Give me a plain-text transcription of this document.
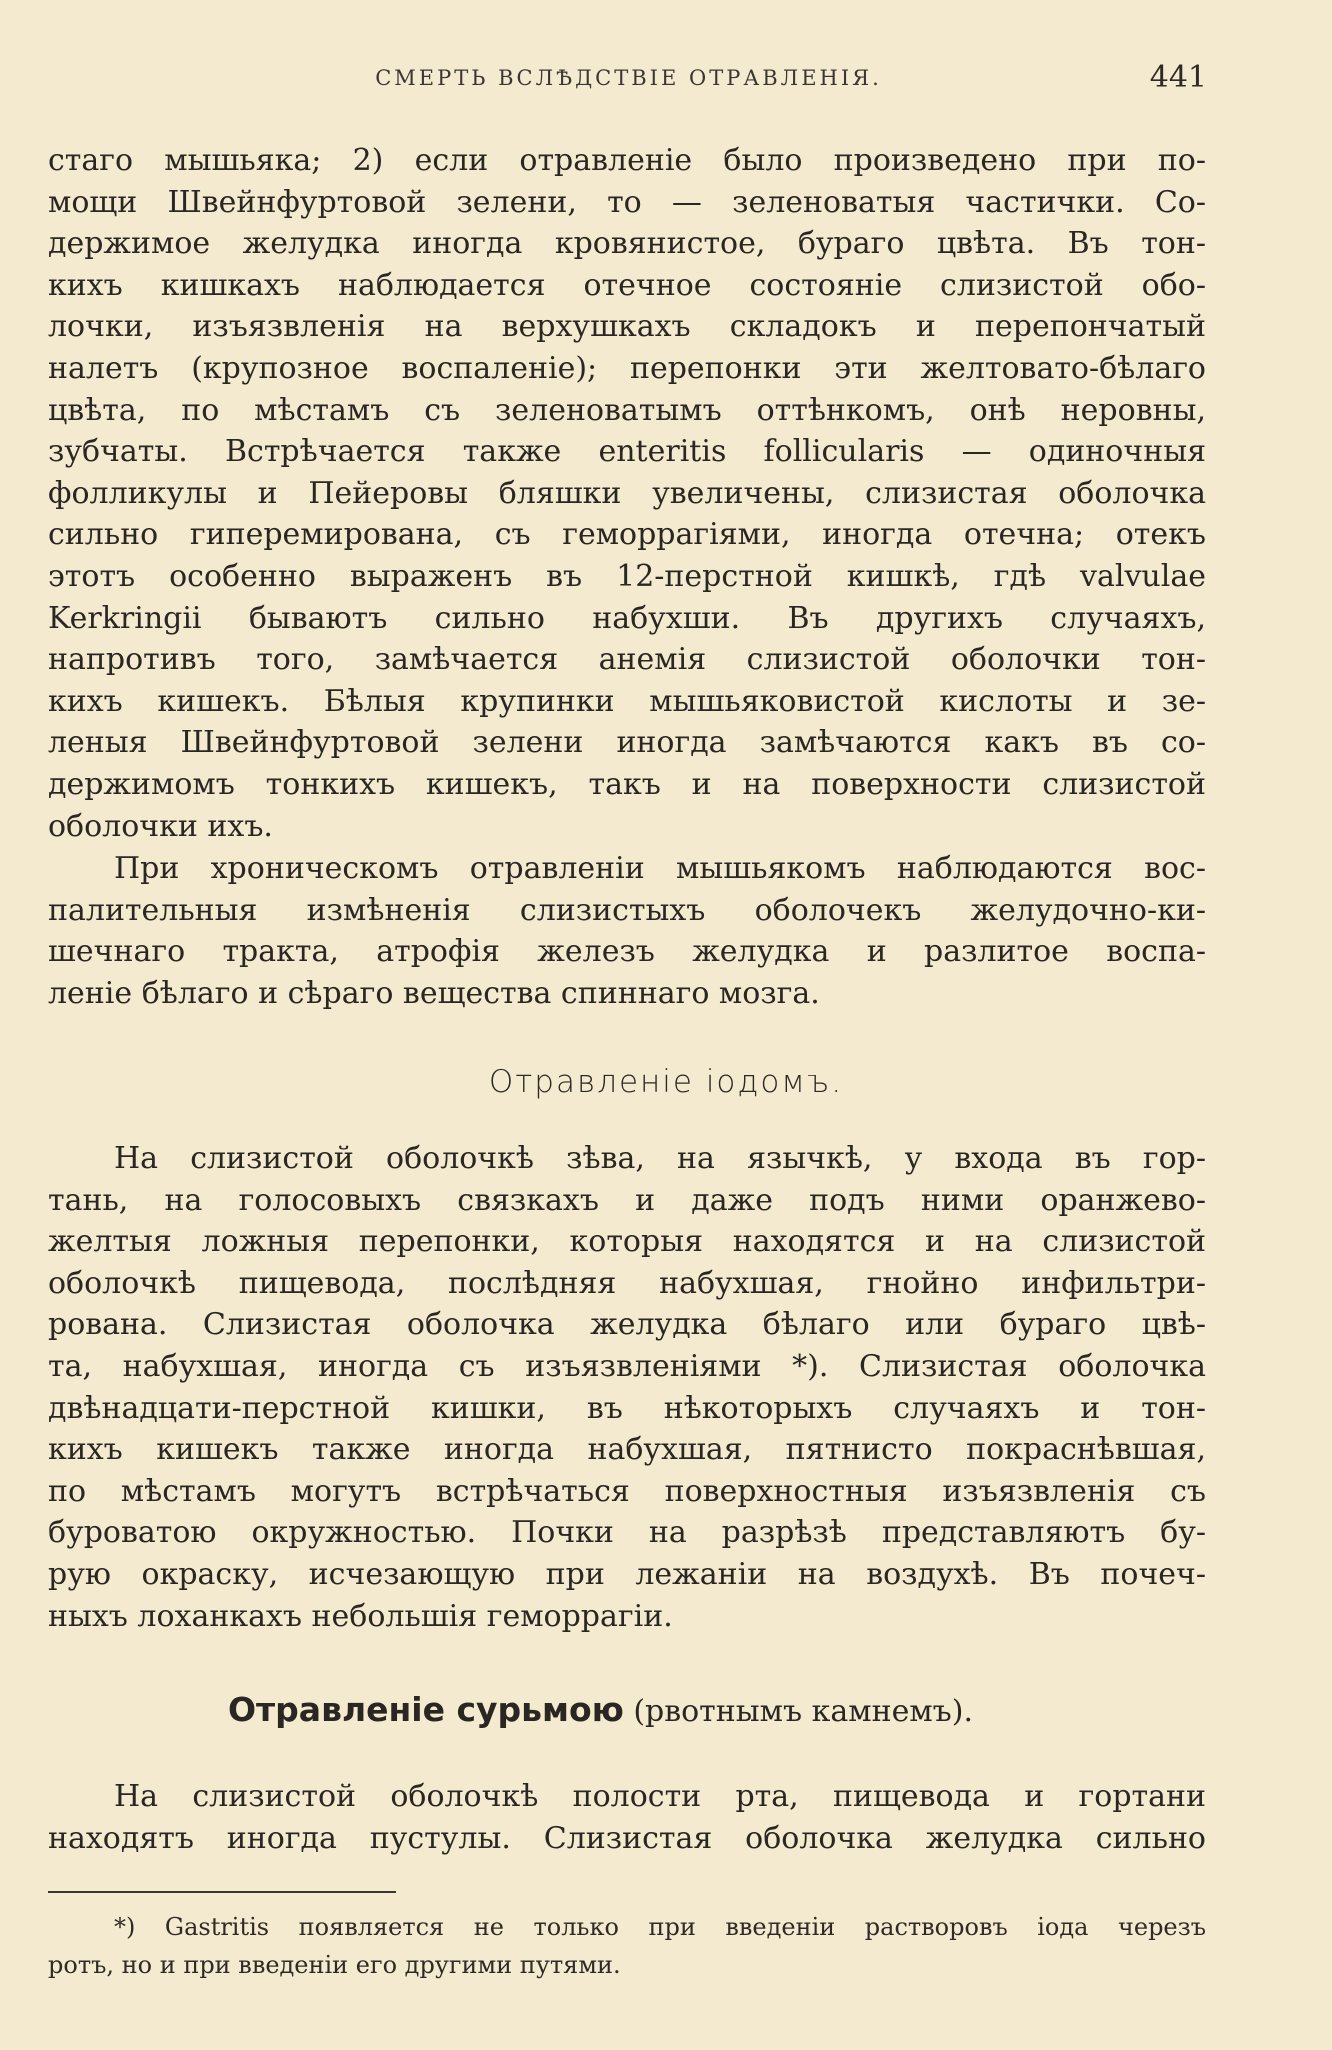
СМЕРТЬ ВСЛѢДСТВІЕ ОТРАВЛЕНІЯ.	441
стаго мышьяка; 2) если отравленіе было произведено при по-
мощи Швейнфуртовой зелени, то — зеленоватыя частички. Со-
держимое желудка иногда кровянистое, бураго цвѣта. Въ тон-
кихъ кишкахъ наблюдается отечное состояніе слизистой обо-
лочки, изъязвленія на верхушкахъ складокъ и перепончатый
налетъ (крупозное воспаленіе); перепонки эти желтовато-бѣлаго
цвѣта, по мѣстамъ съ зеленоватымъ оттѣнкомъ, онѣ неровны,
зубчаты. Встрѣчается также enteritis follicularis — одиночныя
фолликулы и Пейеровы бляшки увеличены, слизистая оболочка
сильно гиперемирована, съ геморрагіями, иногда отечна; отекъ
этотъ особенно выраженъ въ 12-перстной кишкѣ, гдѣ valvulae
Kerkringii бываютъ сильно набухши. Въ другихъ случаяхъ,
напротивъ того, замѣчается анемія слизистой оболочки тон-
кихъ кишекъ. Бѣлыя крупинки мышьяковистой кислоты и зе-
леныя Швейнфуртовой зелени иногда замѣчаются какъ въ со-
держимомъ тонкихъ кишекъ, такъ и на поверхности слизистой
оболочки ихъ.
При хроническомъ отравленіи мышьякомъ наблюдаются вос-
палительныя измѣненія слизистыхъ оболочекъ желудочно-ки-
шечнаго тракта, атрофія железъ желудка и разлитое воспа-
леніе бѣлаго и сѣраго вещества спиннаго мозга.
Отравленіе іодомъ.
На слизистой оболочкѣ зѣва, на язычкѣ, у входа въ гор-
тань, на голосовыхъ связкахъ и даже подъ ними оранжево-
желтыя ложныя перепонки, которыя находятся и на слизистой
оболочкѣ пищевода, послѣдняя набухшая, гнойно инфильтри-
рована. Слизистая оболочка желудка бѣлаго или бураго цвѣ-
та, набухшая, иногда съ изъязвленіями *). Слизистая оболочка
двѣнадцати-перстной кишки, въ нѣкоторыхъ случаяхъ и тон-
кихъ кишекъ также иногда набухшая, пятнисто покраснѣвшая,
по мѣстамъ могутъ встрѣчаться поверхностныя изъязвленія съ
буроватою окружностью. Почки на разрѣзѣ представляютъ бу-
рую окраску, исчезающую при лежаніи на воздухѣ. Въ почеч-
ныхъ лоханкахъ небольшія геморрагіи.
Отравленіе сурьмою (рвотнымъ камнемъ).
На слизистой оболочкѣ полости рта, пищевода и гортани
находятъ иногда пустулы. Слизистая оболочка желудка сильно
*) Gastritis появляется не только при введеніи растворовъ іода черезъ
ротъ, но и при введеніи его другими путями.
